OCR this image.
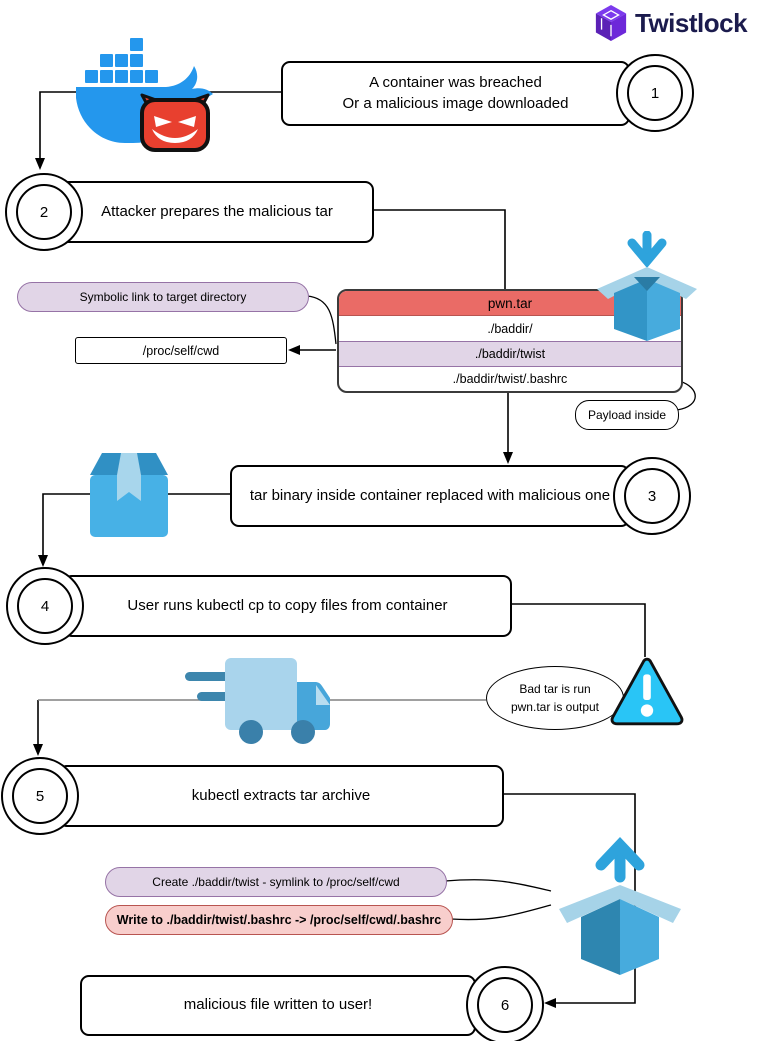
Twistlock
A container was breached
Or a malicious image downloaded
1
Attacker prepares the malicious tar
2
Symbolic link to target directory
/proc/self/cwd
pwn.tar
./baddir/
./baddir/twist
./baddir/twist/.bashrc
Payload inside
tar binary inside container replaced with malicious one	3
User runs kubectl cp to copy files from container
4
Bad tar is run
pwn.tar is output
kubectl extracts tar archive
5
Create ./baddir/twist - symlink to /proc/self/cwd
Write to ./baddir/twist/.bashrc -> /proc/self/cwd/.bashrc
malicious file written to user!	6
